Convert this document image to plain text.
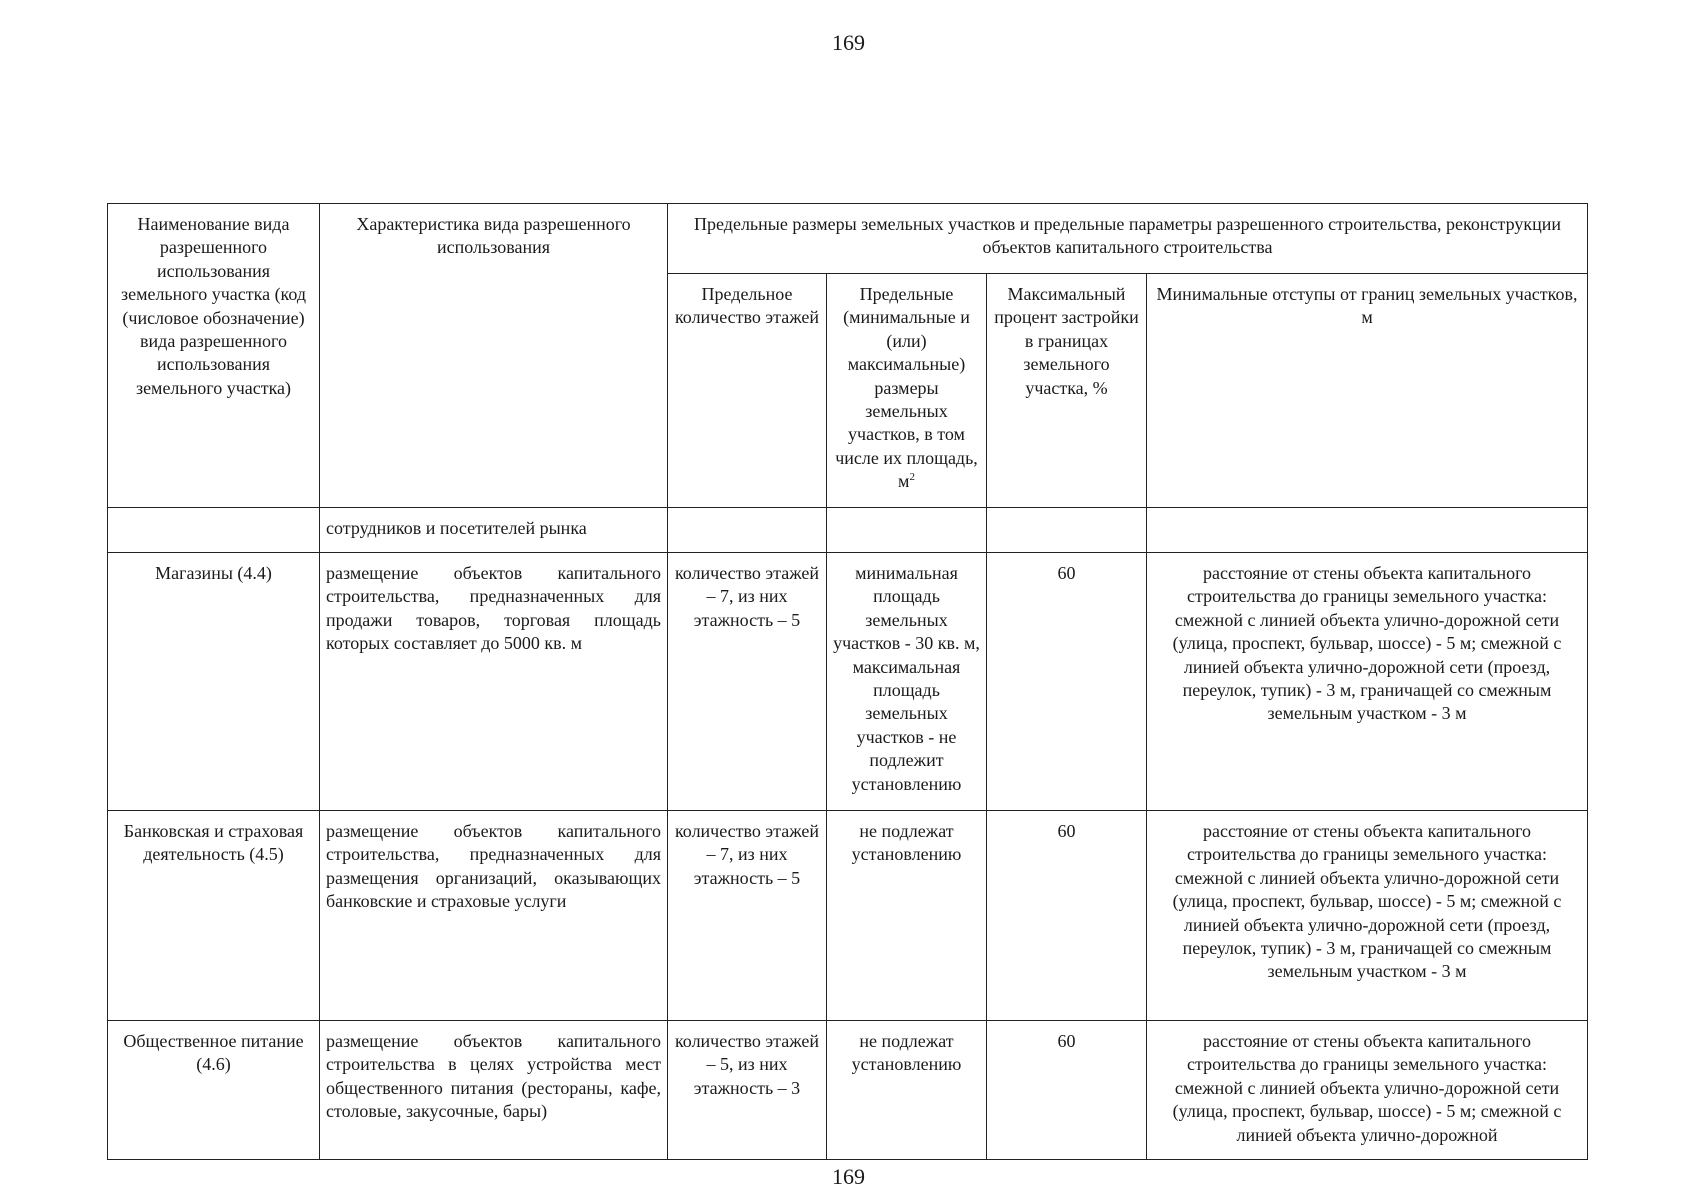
169
Наименование вида разрешенного использования земельного участка (код (числовое обозначение) вида разрешенного использования земельного участка)	Характеристика вида разрешенного использования	Предельные размеры земельных участков и предельные параметры разрешенного строительства, реконструкции объектов капитального строительства			
		Предельное количество этажей	Предельные (минимальные и (или) максимальные) размеры земельных участков, в том числе их площадь, $м^2$	Максимальный процент застройки в границах земельного участка, %	Минимальные отступы от границ земельных участков, м
	сотрудников и посетителей рынка				
Магазины (4.4)	размещение объектов капитального строительства, предназначенных для продажи товаров, торговая площадь которых составляет до 5000 кв. м	количество этажей – 7, из них этажность – 5	минимальная площадь земельных участков - 30 кв. м, максимальная площадь земельных участков - не подлежит установлению	60	расстояние от стены объекта капитального строительства до границы земельного участка: смежной с линией объекта улично-дорожной сети (улица, проспект, бульвар, шоссе) - 5 м; смежной с линией объекта улично-дорожной сети (проезд, переулок, тупик) - 3 м, граничащей со смежным земельным участком - 3 м
Банковская и страховая деятельность (4.5)	размещение объектов капитального строительства, предназначенных для размещения организаций, оказывающих банковские и страховые услуги	количество этажей – 7, из них этажность – 5	не подлежат установлению	60	расстояние от стены объекта капитального строительства до границы земельного участка: смежной с линией объекта улично-дорожной сети (улица, проспект, бульвар, шоссе) - 5 м; смежной с линией объекта улично-дорожной сети (проезд, переулок, тупик) - 3 м, граничащей со смежным земельным участком - 3 м
Общественное питание (4.6)	размещение объектов капитального строительства в целях устройства мест общественного питания (рестораны, кафе, столовые, закусочные, бары)	количество этажей – 5, из них этажность – 3	не подлежат установлению	60	расстояние от стены объекта капитального строительства до границы земельного участка: смежной с линией объекта улично-дорожной сети (улица, проспект, бульвар, шоссе) - 5 м; смежной с линией объекта улично-дорожной
169
